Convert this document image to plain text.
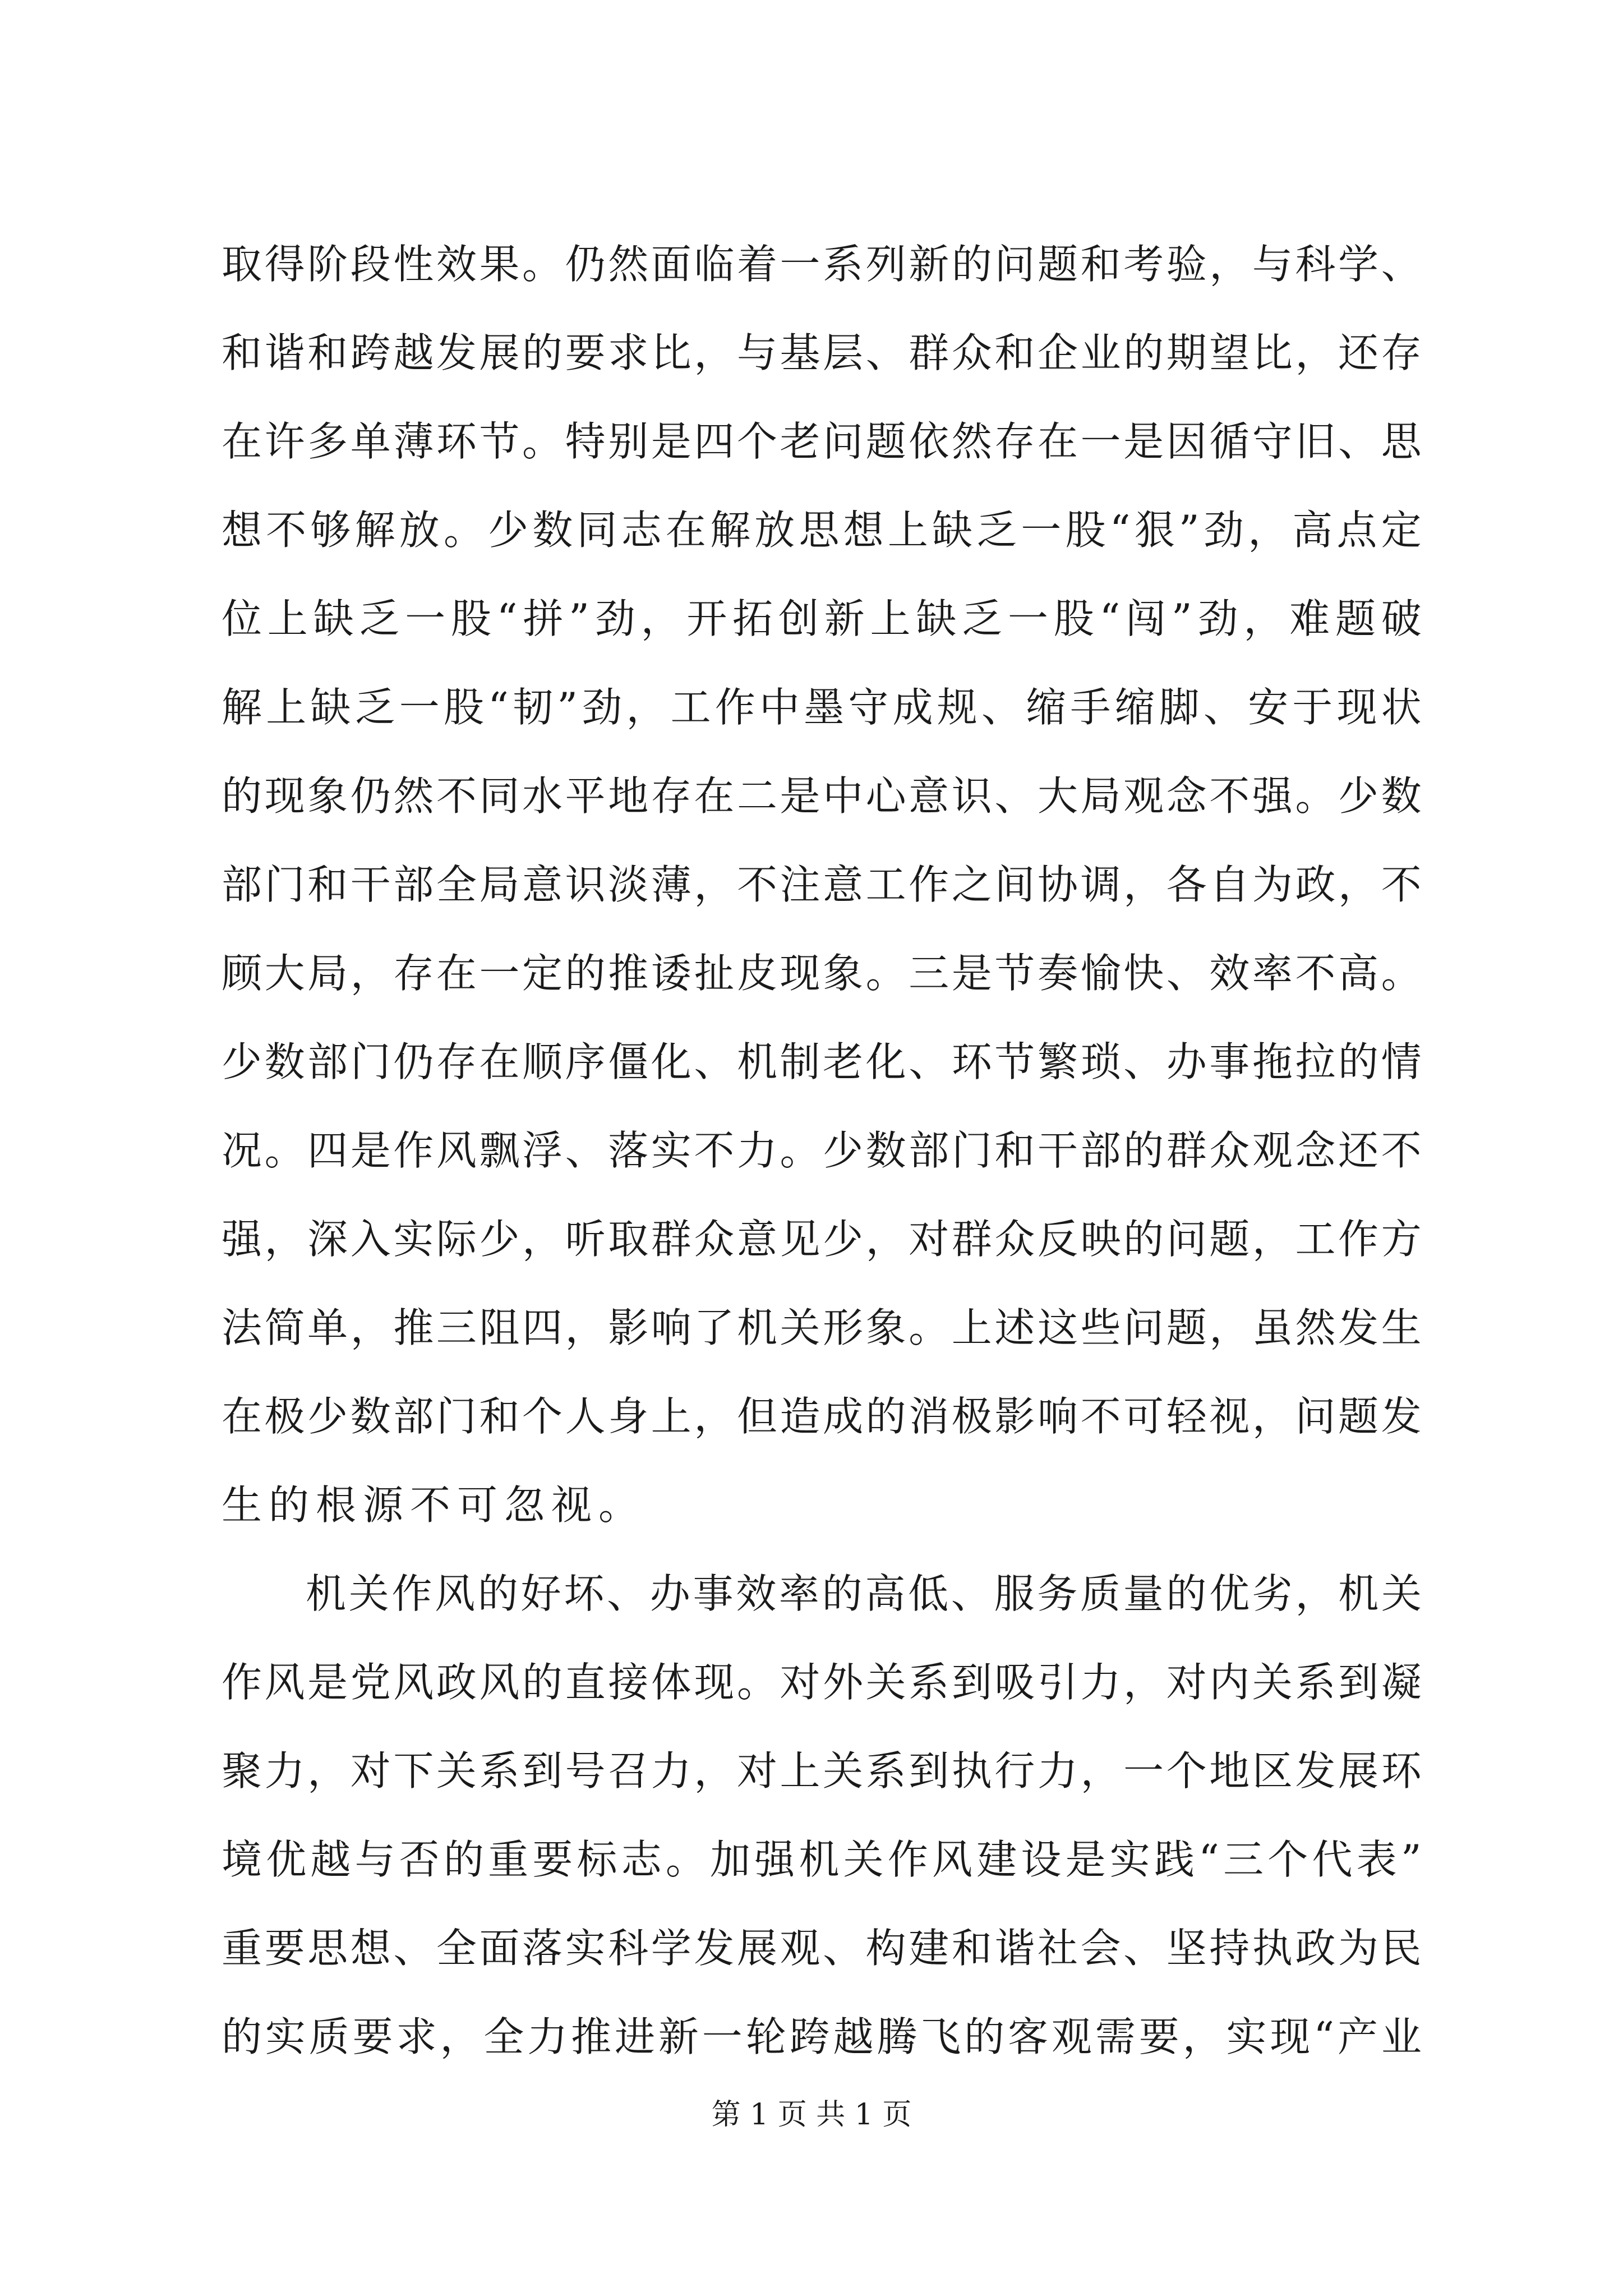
取 得 阶 段 性 效 果 。 仍 然 面 临 着 一 系 列 新 的 问 题 和 考 验 ， 与 科 学 、
和 谐 和 跨 越 发 展 的 要 求 比 ， 与 基 层 、 群 众 和 企 业 的 期 望 比 ， 还 存
在 许 多 单 薄 环 节 。 特 别 是 四 个 老 问 题 依 然 存 在 一 是 因 循 守 旧 、 思
想 不 够 解 放 。 少 数 同 志 在 解 放 思 想 上 缺 乏 一 股 “ 狠 ” 劲 ， 高 点 定
位 上 缺 乏 一 股 “ 拼 ” 劲 ， 开 拓 创 新 上 缺 乏 一 股 “ 闯 ” 劲 ， 难 题 破
解 上 缺 乏 一 股 “ 韧 ” 劲 ， 工 作 中 墨 守 成 规 、 缩 手 缩 脚 、 安 于 现 状
的 现 象 仍 然 不 同 水 平 地 存 在 二 是 中 心 意 识 、 大 局 观 念 不 强 。 少 数
部 门 和 干 部 全 局 意 识 淡 薄 ， 不 注 意 工 作 之 间 协 调 ， 各 自 为 政 ， 不
顾 大 局 ， 存 在 一 定 的 推 诿 扯 皮 现 象 。 三 是 节 奏 愉 快 、 效 率 不 高 。
少 数 部 门 仍 存 在 顺 序 僵 化 、 机 制 老 化 、 环 节 繁 琐 、 办 事 拖 拉 的 情
况 。 四 是 作 风 飘 浮 、 落 实 不 力 。 少 数 部 门 和 干 部 的 群 众 观 念 还 不
强 ， 深 入 实 际 少 ， 听 取 群 众 意 见 少 ， 对 群 众 反 映 的 问 题 ， 工 作 方
法 简 单 ， 推 三 阻 四 ， 影 响 了 机 关 形 象 。 上 述 这 些 问 题 ， 虽 然 发 生
在 极 少 数 部 门 和 个 人 身 上 ， 但 造 成 的 消 极 影 响 不 可 轻 视 ， 问 题 发
生的根源不可忽视。
机 关 作 风 的 好 坏 、 办 事 效 率 的 高 低 、 服 务 质 量 的 优 劣 ， 机 关
作 风 是 党 风 政 风 的 直 接 体 现 。 对 外 关 系 到 吸 引 力 ， 对 内 关 系 到 凝
聚 力 ， 对 下 关 系 到 号 召 力 ， 对 上 关 系 到 执 行 力 ， 一 个 地 区 发 展 环
境 优 越 与 否 的 重 要 标 志 。 加 强 机 关 作 风 建 设 是 实 践 “ 三 个 代 表 ”
重 要 思 想 、 全 面 落 实 科 学 发 展 观 、 构 建 和 谐 社 会 、 坚 持 执 政 为 民
的 实 质 要 求 ， 全 力 推 进 新 一 轮 跨 越 腾 飞 的 客 观 需 要 ， 实 现 “ 产 业
第 1 页 共 1 页
